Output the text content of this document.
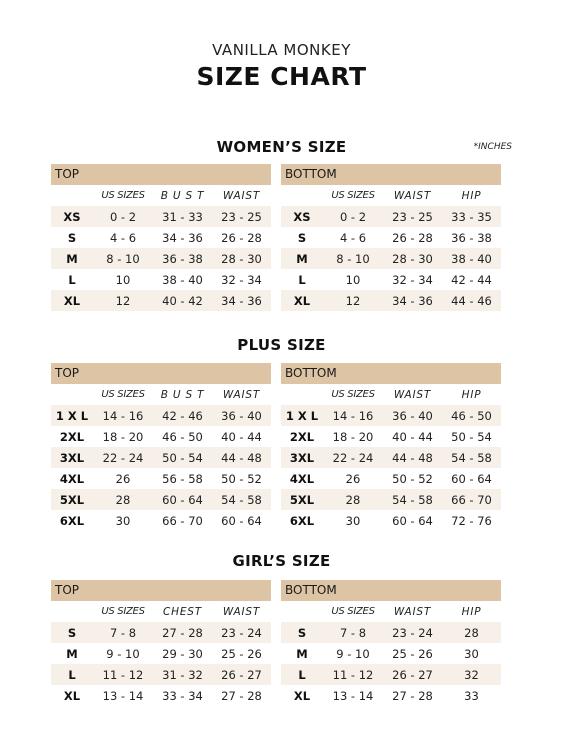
VANILLA MONKEY
SIZE CHART
WOMEN’S SIZE	*INCHES
TOP
US SIZES	B U S T	WAIST
XS	0 - 2	31 - 33	23 - 25
S	4 - 6	34 - 36	26 - 28
M	8 - 10	36 - 38	28 - 30
L	10	38 - 40	32 - 34
XL	12	40 - 42	34 - 36
BOTTOM
US SIZES	WAIST	HIP
XS	0 - 2	23 - 25	33 - 35
S	4 - 6	26 - 28	36 - 38
M	8 - 10	28 - 30	38 - 40
L	10	32 - 34	42 - 44
XL	12	34 - 36	44 - 46
PLUS SIZE
TOP
US SIZES	B U S T	WAIST
1 X L	14 - 16	42 - 46	36 - 40
2XL	18 - 20	46 - 50	40 - 44
3XL	22 - 24	50 - 54	44 - 48
4XL	26	56 - 58	50 - 52
5XL	28	60 - 64	54 - 58
6XL	30	66 - 70	60 - 64
BOTTOM
US SIZES	WAIST	HIP
1 X L	14 - 16	36 - 40	46 - 50
2XL	18 - 20	40 - 44	50 - 54
3XL	22 - 24	44 - 48	54 - 58
4XL	26	50 - 52	60 - 64
5XL	28	54 - 58	66 - 70
6XL	30	60 - 64	72 - 76
GIRL’S SIZE
TOP
US SIZES	CHEST	WAIST
S	7 - 8	27 - 28	23 - 24
M	9 - 10	29 - 30	25 - 26
L	11 - 12	31 - 32	26 - 27
XL	13 - 14	33 - 34	27 - 28
BOTTOM
US SIZES	WAIST	HIP
S	7 - 8	23 - 24	28
M	9 - 10	25 - 26	30
L	11 - 12	26 - 27	32
XL	13 - 14	27 - 28	33
